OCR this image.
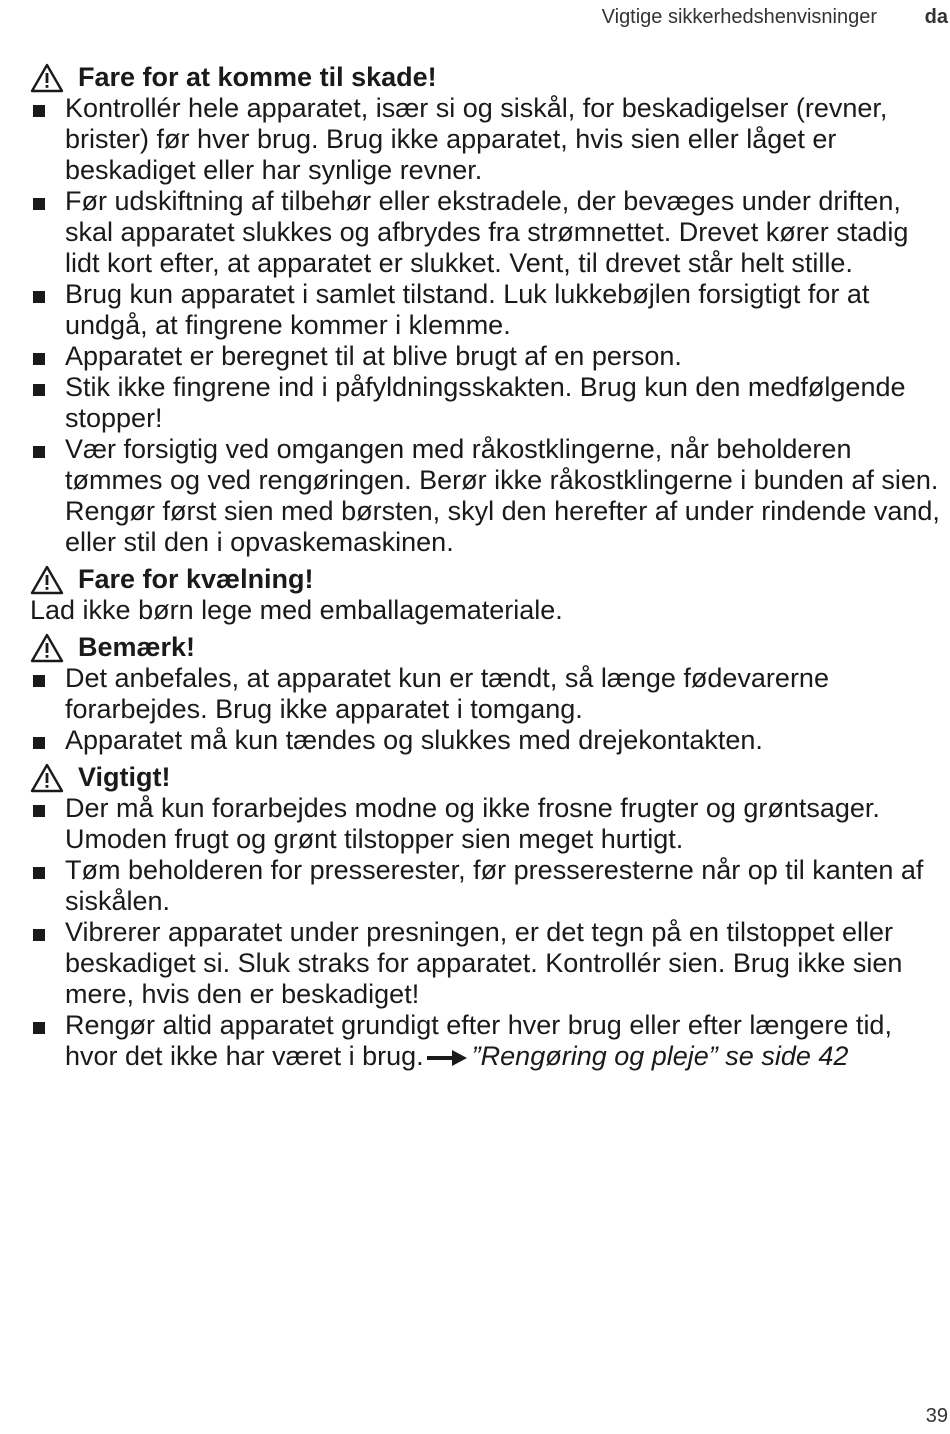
Vigtige sikkerhedshenvisninger da
Fare for at komme til skade!
Kontrollér hele apparatet, især si og siskål, for beskadigelser (revner, brister) før hver brug. Brug ikke apparatet, hvis sien eller låget er beskadiget eller har synlige revner.
Før udskiftning af tilbehør eller ekstradele, der bevæges under driften, skal apparatet slukkes og afbrydes fra strømnettet. Drevet kører stadig lidt kort efter, at apparatet er slukket. Vent, til drevet står helt stille.
Brug kun apparatet i samlet tilstand. Luk lukkebøjlen forsigtigt for at undgå, at fingrene kommer i klemme.
Apparatet er beregnet til at blive brugt af en person.
Stik ikke fingrene ind i påfyldningsskakten. Brug kun den medfølgende stopper!
Vær forsigtig ved omgangen med råkostklingerne, når beholderen tømmes og ved rengøringen. Berør ikke råkostklingerne i bunden af sien. Rengør først sien med børsten, skyl den herefter af under rindende vand, eller stil den i opvaskemaskinen.
Fare for kvælning!

Lad ikke børn lege med emballagemateriale.

Bemærk!
Det anbefales, at apparatet kun er tændt, så længe fødevarerne forarbejdes. Brug ikke apparatet i tomgang.
Apparatet må kun tændes og slukkes med drejekontakten.
Vigtigt!
Der må kun forarbejdes modne og ikke frosne frugter og grøntsager. Umoden frugt og grønt tilstopper sien meget hurtigt.
Tøm beholderen for presserester, før presseresterne når op til kanten af siskålen.
Vibrerer apparatet under presningen, er det tegn på en tilstoppet eller beskadiget si. Sluk straks for apparatet. Kontrollér sien. Brug ikke sien mere, hvis den er beskadiget!
Rengør altid apparatet grundigt efter hver brug eller efter længere tid, hvor det ikke har været i brug. ”Rengøring og pleje” se side 42
39
